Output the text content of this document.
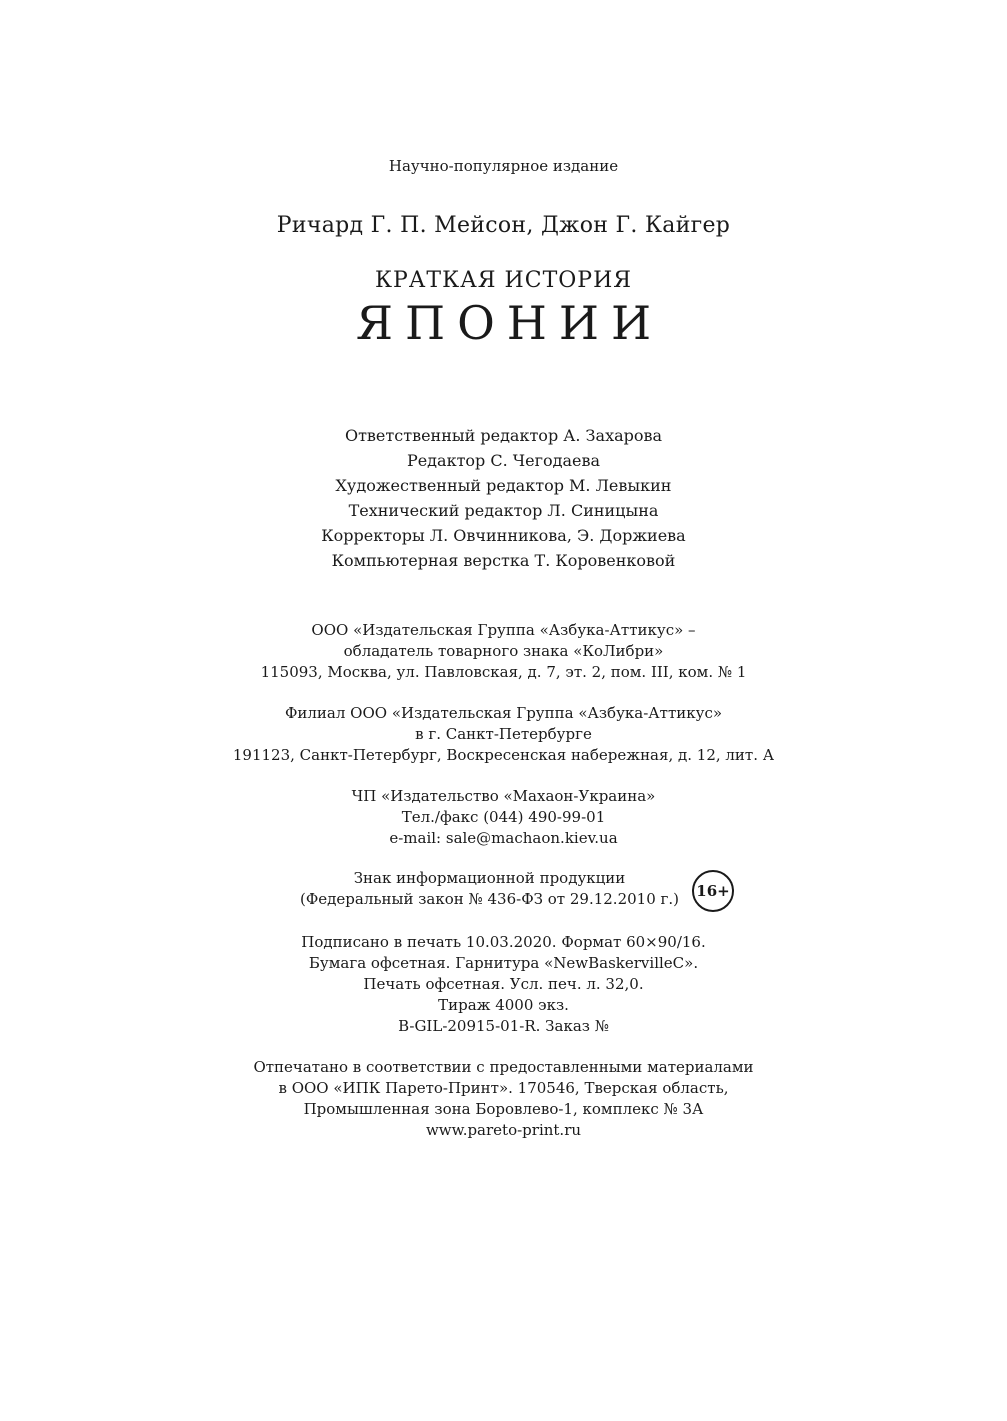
Научно-популярное издание
Ричард Г. П. Мейсон, Джон Г. Кайгер
КРАТКАЯ ИСТОРИЯ
ЯПОНИИ
Ответственный редактор А. Захарова
Редактор С. Чегодаева
Художественный редактор М. Левыкин
Технический редактор Л. Синицына
Корректоры Л. Овчинникова, Э. Доржиева
Компьютерная верстка Т. Коровенковой
ООО «Издательская Группа «Азбука-Аттикус» –
обладатель товарного знака «КоЛибри»
115093, Москва, ул. Павловская, д. 7, эт. 2, пом. III, ком. № 1
Филиал ООО «Издательская Группа «Азбука-Аттикус»
в г. Санкт-Петербурге
191123, Санкт-Петербург, Воскресенская набережная, д. 12, лит. А
ЧП «Издательство «Махаон-Украина»
Тел./факс (044) 490-99-01
e-mail: sale@machaon.kiev.ua
Знак информационной продукции
(Федеральный закон № 436-ФЗ от 29.12.2010 г.)	16+
Подписано в печать 10.03.2020. Формат 60×90/16.
Бумага офсетная. Гарнитура «NewBaskervilleC».
Печать офсетная. Усл. печ. л. 32,0.
Тираж 4000 экз.
B-GIL-20915-01-R. Заказ №
Отпечатано в соответствии с предоставленными материалами
в ООО «ИПК Парето-Принт». 170546, Тверская область,
Промышленная зона Боровлево-1, комплекс № 3А
www.pareto-print.ru
